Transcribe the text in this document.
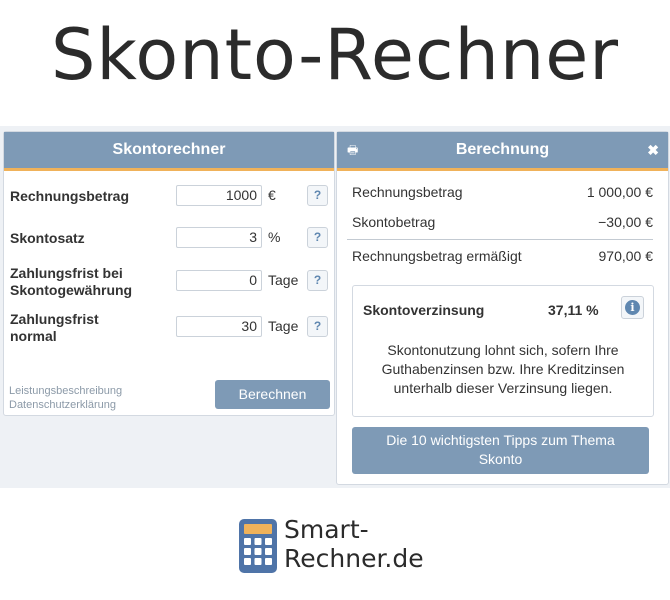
Skonto-Rechner
Skontorechner
Rechnungsbetrag	1000 €	?
Skontosatz	3 %	?
Zahlungsfrist bei
Skontogewährung
0 Tage	?
Zahlungsfrist
normal
30 Tage	?
Leistungsbeschreibung
Datenschutzerklärung
Berechnen
Berechnung
🖶	✖
Rechnungsbetrag	1 000,00 €
Skontobetrag	−30,00 €
Rechnungsbetrag ermäßigt	970,00 €
Skontoverzinsung	37,11 %	i
Skontonutzung lohnt sich, sofern Ihre
Guthabenzinsen bzw. Ihre Kreditzinsen
unterhalb dieser Verzinsung liegen.
Die 10 wichtigsten Tipps zum Thema
Skonto
Smart-
Rechner.de
